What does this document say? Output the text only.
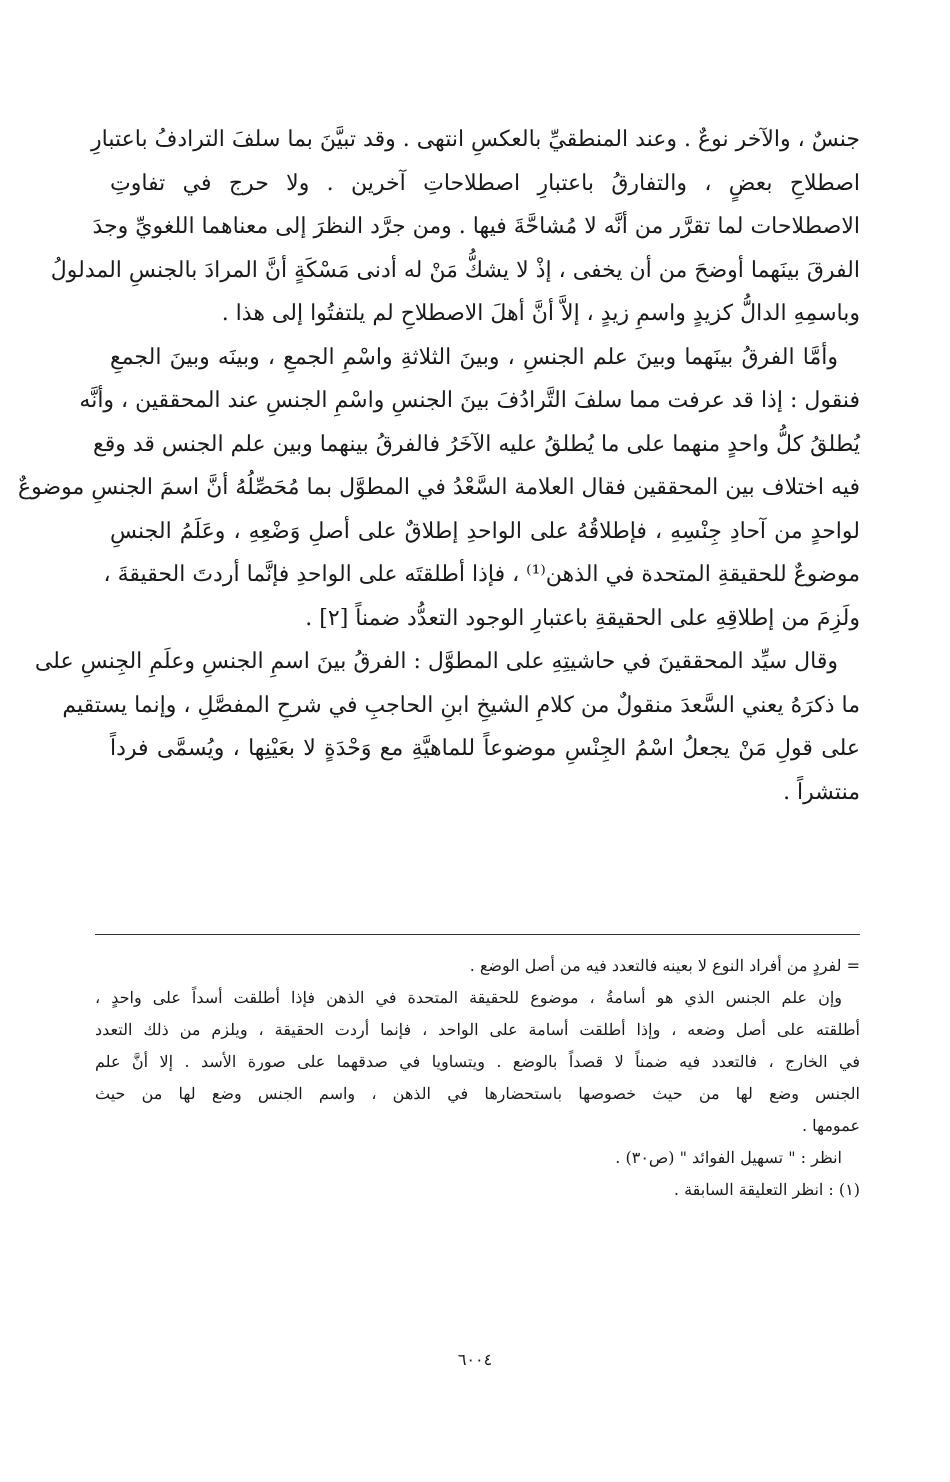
جنسٌ ، والآخر نوعٌ . وعند المنطقيِّ بالعكسِ انتهى . وقد تبيَّنَ بما سلفَ الترادفُ باعتبارِ
اصطلاحِ بعضٍ ، والتفارقُ باعتبارِ اصطلاحاتِ آخرين . ولا حرج في تفاوتِ
الاصطلاحات لما تقرَّر من أنَّه لا مُشاحَّةَ فيها . ومن جرَّد النظرَ إلى معناهما اللغويِّ وجدَ
الفرقَ بينَهما أوضحَ من أن يخفى ، إذْ لا يشكُّ مَنْ له أدنى مَسْكَةٍ أنَّ المرادَ بالجنسِ المدلولُ
وباسمِهِ الدالُّ كزيدٍ واسمِ زيدٍ ، إلاَّ أنَّ أهلَ الاصطلاحِ لم يلتفتُوا إلى هذا .
وأمَّا الفرقُ بينَهما وبينَ علم الجنسِ ، وبينَ الثلاثةِ واسْمِ الجمعِ ، وبينَه وبينَ الجمعِ
فنقول : إذا قد عرفت مما سلفَ التَّرادُفَ بينَ الجنسِ واسْمِ الجنسِ عند المحققين ، وأنَّه
يُطلقُ كلُّ واحدٍ منهما على ما يُطلقُ عليه الآخَرُ فالفرقُ بينهما وبين علم الجنس قد وقع
فيه اختلاف بين المحققين فقال العلامة السَّعْدُ في المطوَّل بما مُحَصِّلُهُ أنَّ اسمَ الجنسِ موضوعٌ
لواحدٍ من آحادِ جِنْسِهِ ، فإطلاقُهُ على الواحدِ إطلاقٌ على أصلِ وَضْعِهِ ، وعَلَمُ الجنسِ
موضوعٌ للحقيقةِ المتحدة في الذهن⁽¹⁾ ، فإذا أطلقتَه على الواحدِ فإنَّما أردتَ الحقيقةَ ،
ولَزِمَ من إطلاقِهِ على الحقيقةِ باعتبارِ الوجود التعدُّد ضمناً [٢] .
وقال سيِّد المحققينَ في حاشيتِهِ على المطوَّل : الفرقُ بينَ اسمِ الجنسِ وعلَمِ الجِنسِ على
ما ذكرَهُ يعني السَّعدَ منقولٌ من كلامِ الشيخِ ابنِ الحاجبِ في شرحِ المفصَّلِ ، وإنما يستقيم
على قولِ مَنْ يجعلُ اسْمُ الجِنْسِ موضوعاً للماهيَّةِ مع وَحْدَةٍ لا بعَيْنِها ، ويُسمَّى فرداً
منتشراً .
= لفردٍ من أفراد النوع لا بعينه فالتعدد فيه من أصل الوضع .
وإن علم الجنس الذي هو أسامةُ ، موضوع للحقيقة المتحدة في الذهن فإذا أطلقت أسداً على واحدٍ ،
أطلقته على أصل وضعه ، وإذا أطلقت أسامة على الواحد ، فإنما أردت الحقيقة ، ويلزم من ذلك التعدد
في الخارج ، فالتعدد فيه ضمناً لا قصداً بالوضع . ويتساويا في صدقهما على صورة الأسد . إلا أنَّ علم
الجنس وضع لها من حيث خصوصها باستحضارها في الذهن ، واسم الجنس وضع لها من حيث
عمومها .
انظر : " تسهيل الفوائد " (ص٣٠) .
(١) : انظر التعليقة السابقة .
٦٠٠٤
